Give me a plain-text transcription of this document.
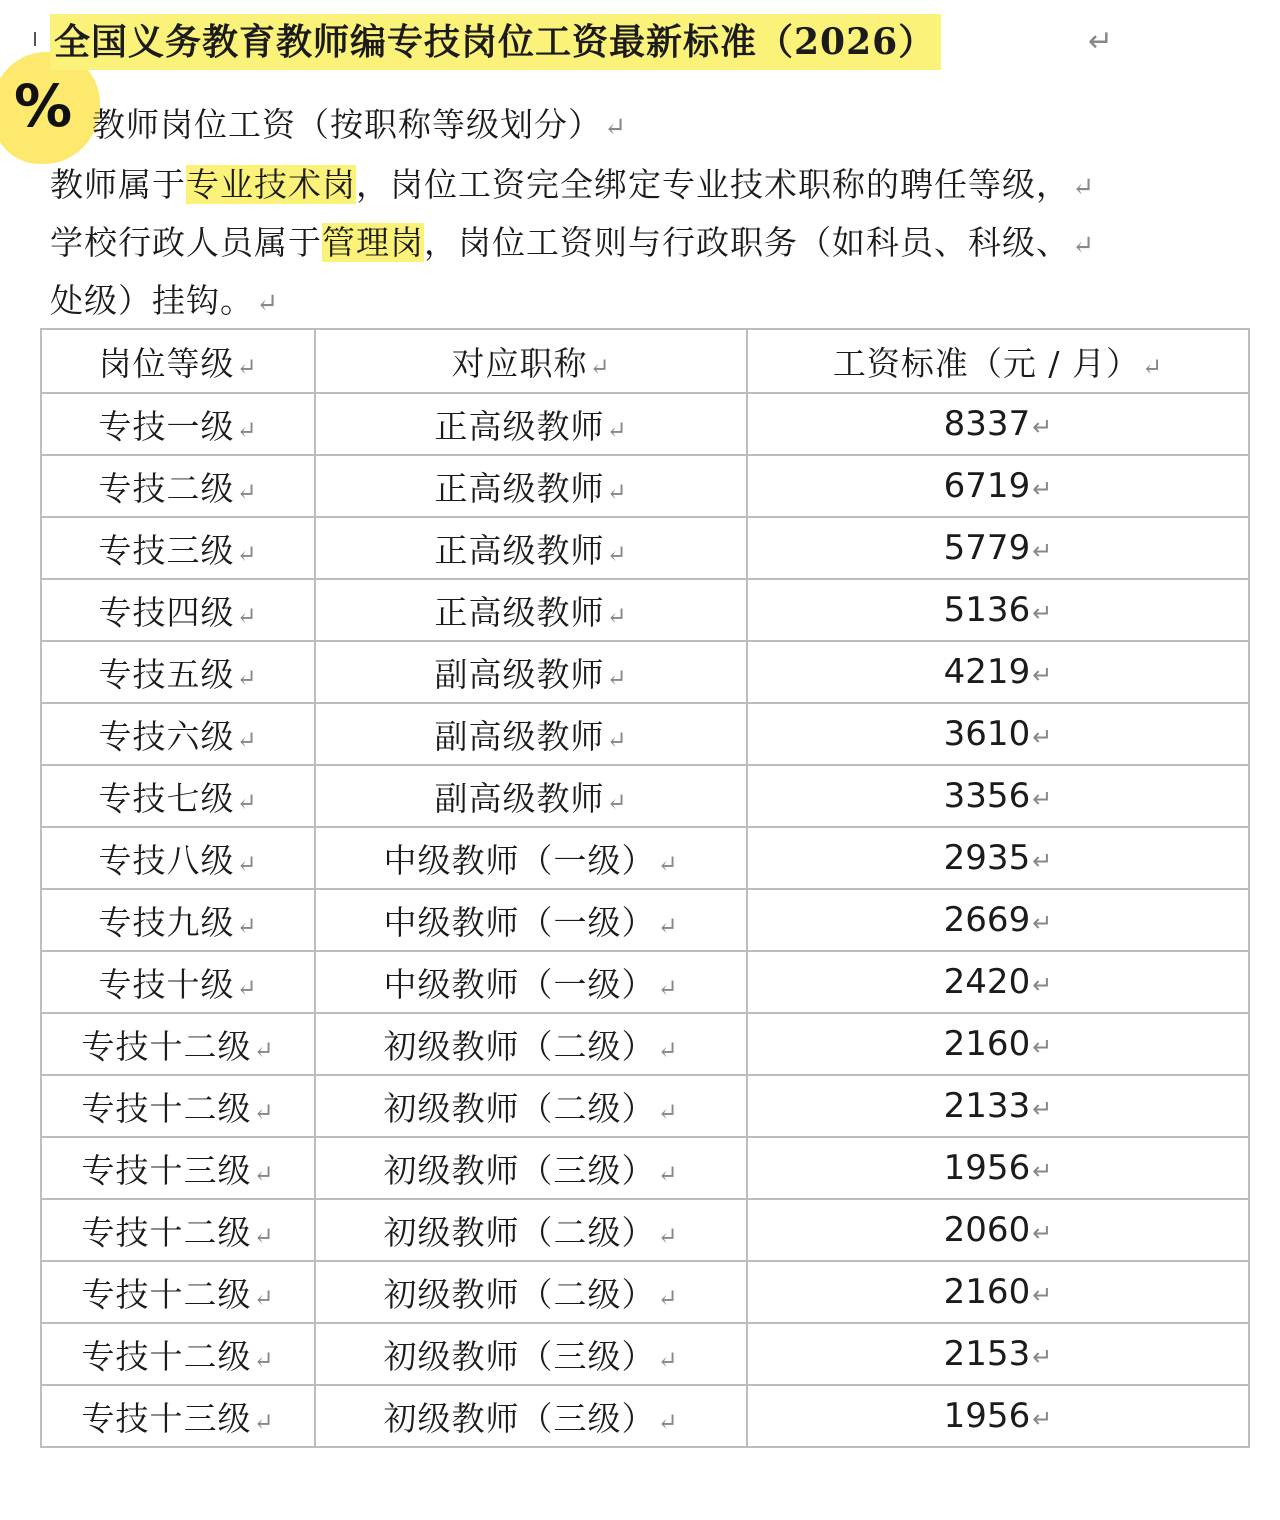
%
全国义务教育教师编专技岗位工资最新标准（2026）	↵
教师岗位工资（按职称等级划分）↵
教师属于专业技术岗，岗位工资完全绑定专业技术职称的聘任等级，↵
学校行政人员属于管理岗，岗位工资则与行政职务（如科员、科级、↵
处级）挂钩。↵
岗位等级↵	对应职称↵	工资标准（元 / 月）↵
专技一级↵	正高级教师↵	8337↵
专技二级↵	正高级教师↵	6719↵
专技三级↵	正高级教师↵	5779↵
专技四级↵	正高级教师↵	5136↵
专技五级↵	副高级教师↵	4219↵
专技六级↵	副高级教师↵	3610↵
专技七级↵	副高级教师↵	3356↵
专技八级↵	中级教师（一级）↵	2935↵
专技九级↵	中级教师（一级）↵	2669↵
专技十级↵	中级教师（一级）↵	2420↵
专技十二级↵	初级教师（二级）↵	2160↵
专技十二级↵	初级教师（二级）↵	2133↵
专技十三级↵	初级教师（三级）↵	1956↵
专技十二级↵	初级教师（二级）↵	2060↵
专技十二级↵	初级教师（二级）↵	2160↵
专技十二级↵	初级教师（三级）↵	2153↵
专技十三级↵	初级教师（三级）↵	1956↵
